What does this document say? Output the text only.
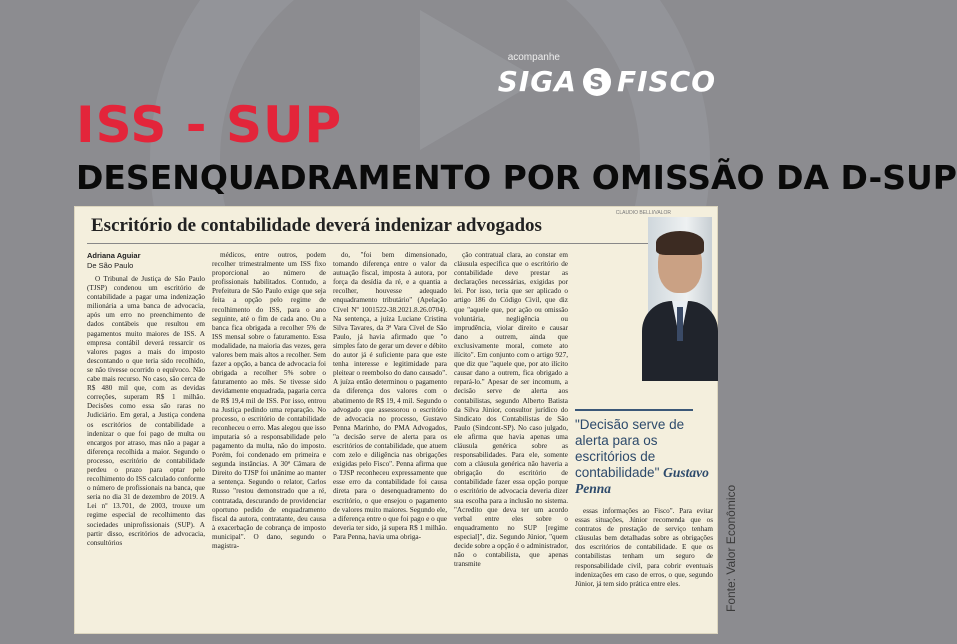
acompanhe
SIGA S FISCO
ISS - SUP
DESENQUADRAMENTO POR OMISSÃO DA D-SUP
Escritório de contabilidade deverá indenizar advogados
CLAUDIO BELLI/VALOR
Adriana Aguiar
De São Paulo

O Tribunal de Justiça de São Paulo (TJSP) condenou um escritório de contabilidade a pagar uma indenização milionária a uma banca de advocacia, após um erro no preenchimento de dados contábeis que resultou em pagamentos muito maiores de ISS. A empresa contábil deverá ressarcir os valores pagos a mais do imposto descontando o que teria sido recolhido, se não tivesse ocorrido o equívoco. Não cabe mais recurso. No caso, são cerca de R$ 480 mil que, com as devidas correções, superam R$ 1 milhão. Decisões como essa são raras no Judiciário. Em geral, a Justiça condena os escritórios de contabilidade a indenizar o que foi pago de multa ou encargos por atraso, mas não a pagar a diferença recolhida a maior. Segundo o processo, escritório de contabilidade perdeu o prazo para optar pelo recolhimento do ISS calculado conforme o número de profissionais na banca, que seria no dia 31 de dezembro de 2019. A Lei nº 13.701, de 2003, trouxe um regime especial de recolhimento das sociedades uniprofissionais (SUP). A partir disso, escritórios de advocacia, consultórios

médicos, entre outros, podem recolher trimestralmente um ISS fixo proporcional ao número de profissionais habilitados. Contudo, a Prefeitura de São Paulo exige que seja feita a opção pelo regime de recolhimento do ISS, para o ano seguinte, até o fim de cada ano. Ou a banca fica obrigada a recolher 5% de ISS mensal sobre o faturamento. Essa modalidade, na maioria das vezes, gera valores bem mais altos a recolher. Sem fazer a opção, a banca de advocacia foi obrigada a recolher 5% sobre o faturamento ao mês. Se tivesse sido devidamente enquadrada, pagaria cerca de R$ 19,4 mil de ISS. Por isso, entrou na Justiça pedindo uma reparação. No processo, o escritório de contabilidade reconheceu o erro. Mas alegou que isso imputaria só a responsabilidade pelo pagamento da multa, não do imposto. Porém, foi condenado em primeira e segunda instâncias. A 30ª Câmara de Direito do TJSP foi unânime ao manter a sentença. Segundo o relator, Carlos Russo "restou demonstrado que a ré, contratada, descurando de providenciar oportuno pedido de enquadramento fiscal da autora, contratante, deu causa à exacerbação de cobrança de imposto municipal". O dano, segundo o magistra-

do, "foi bem dimensionado, tomando diferença entre o valor da autuação fiscal, imposta à autora, por força da desídia da ré, e a quantia a recolher, houvesse adequado enquadramento tributário" (Apelação Cível Nº 1001522-38.2021.8.26.0704). Na sentença, a juíza Luciane Cristina Silva Tavares, da 3ª Vara Cível de São Paulo, já havia afirmado que "o simples fato de gerar um dever e débito do autor já é suficiente para que este tenha interesse e legitimidade para pleitear o reembolso do dano causado". A juíza então determinou o pagamento da diferença dos valores com o abatimento de R$ 19, 4 mil. Segundo o advogado que assessorou o escritório de advocacia no processo, Gustavo Penna Marinho, do PMA Advogados, "a decisão serve de alerta para os escritórios de contabilidade, que atuem com zelo e diligência nas obrigações exigidas pelo Fisco". Penna afirma que o TJSP reconheceu expressamente que esse erro da contabilidade foi causa direta para o desenquadramento do escritório, o que ensejou o pagamento de valores muito maiores. Segundo ele, a diferença entre o que foi pago e o que deveria ter sido, já supera R$ 1 milhão. Para Penna, havia uma obriga-

ção contratual clara, ao constar em cláusula específica que o escritório de contabilidade deve prestar as declarações necessárias, exigidas por lei. Por isso, teria que ser aplicado o artigo 186 do Código Civil, que diz que "aquele que, por ação ou omissão voluntária, negligência ou imprudência, violar direito e causar dano a outrem, ainda que exclusivamente moral, comete ato ilícito". Em conjunto com o artigo 927, que diz que "aquele que, por ato ilícito causar dano a outrem, fica obrigado a repará-lo." Apesar de ser incomum, a decisão serve de alerta aos contabilistas, segundo Alberto Batista da Silva Júnior, consultor jurídico do Sindicato dos Contabilistas de São Paulo (Sindcont-SP). No caso julgado, ele afirma que havia apenas uma cláusula genérica sobre as responsabilidades. Para ele, somente com a cláusula genérica não haveria a obrigação do escritório de contabilidade fazer essa opção porque o escritório de advocacia deveria dizer sua escolha para a inclusão no sistema. "Acredito que deva ter um acordo verbal entre eles sobre o enquadramento no SUP [regime especial]", diz. Segundo Júnior, "quem decide sobre a opção é o administrador, não o contabilista, que apenas transmite

"Decisão serve de alerta para os escritórios de contabilidade" Gustavo Penna

essas informações ao Fisco". Para evitar essas situações, Júnior recomenda que os contratos de prestação de serviço tenham cláusulas bem detalhadas sobre as obrigações dos escritórios de contabilidade. E que os contabilistas tenham um seguro de responsabilidade civil, para cobrir eventuais indenizações em caso de erros, o que, segundo Júnior, já tem sido prática entre eles.	Fonte: Valor Econômico
